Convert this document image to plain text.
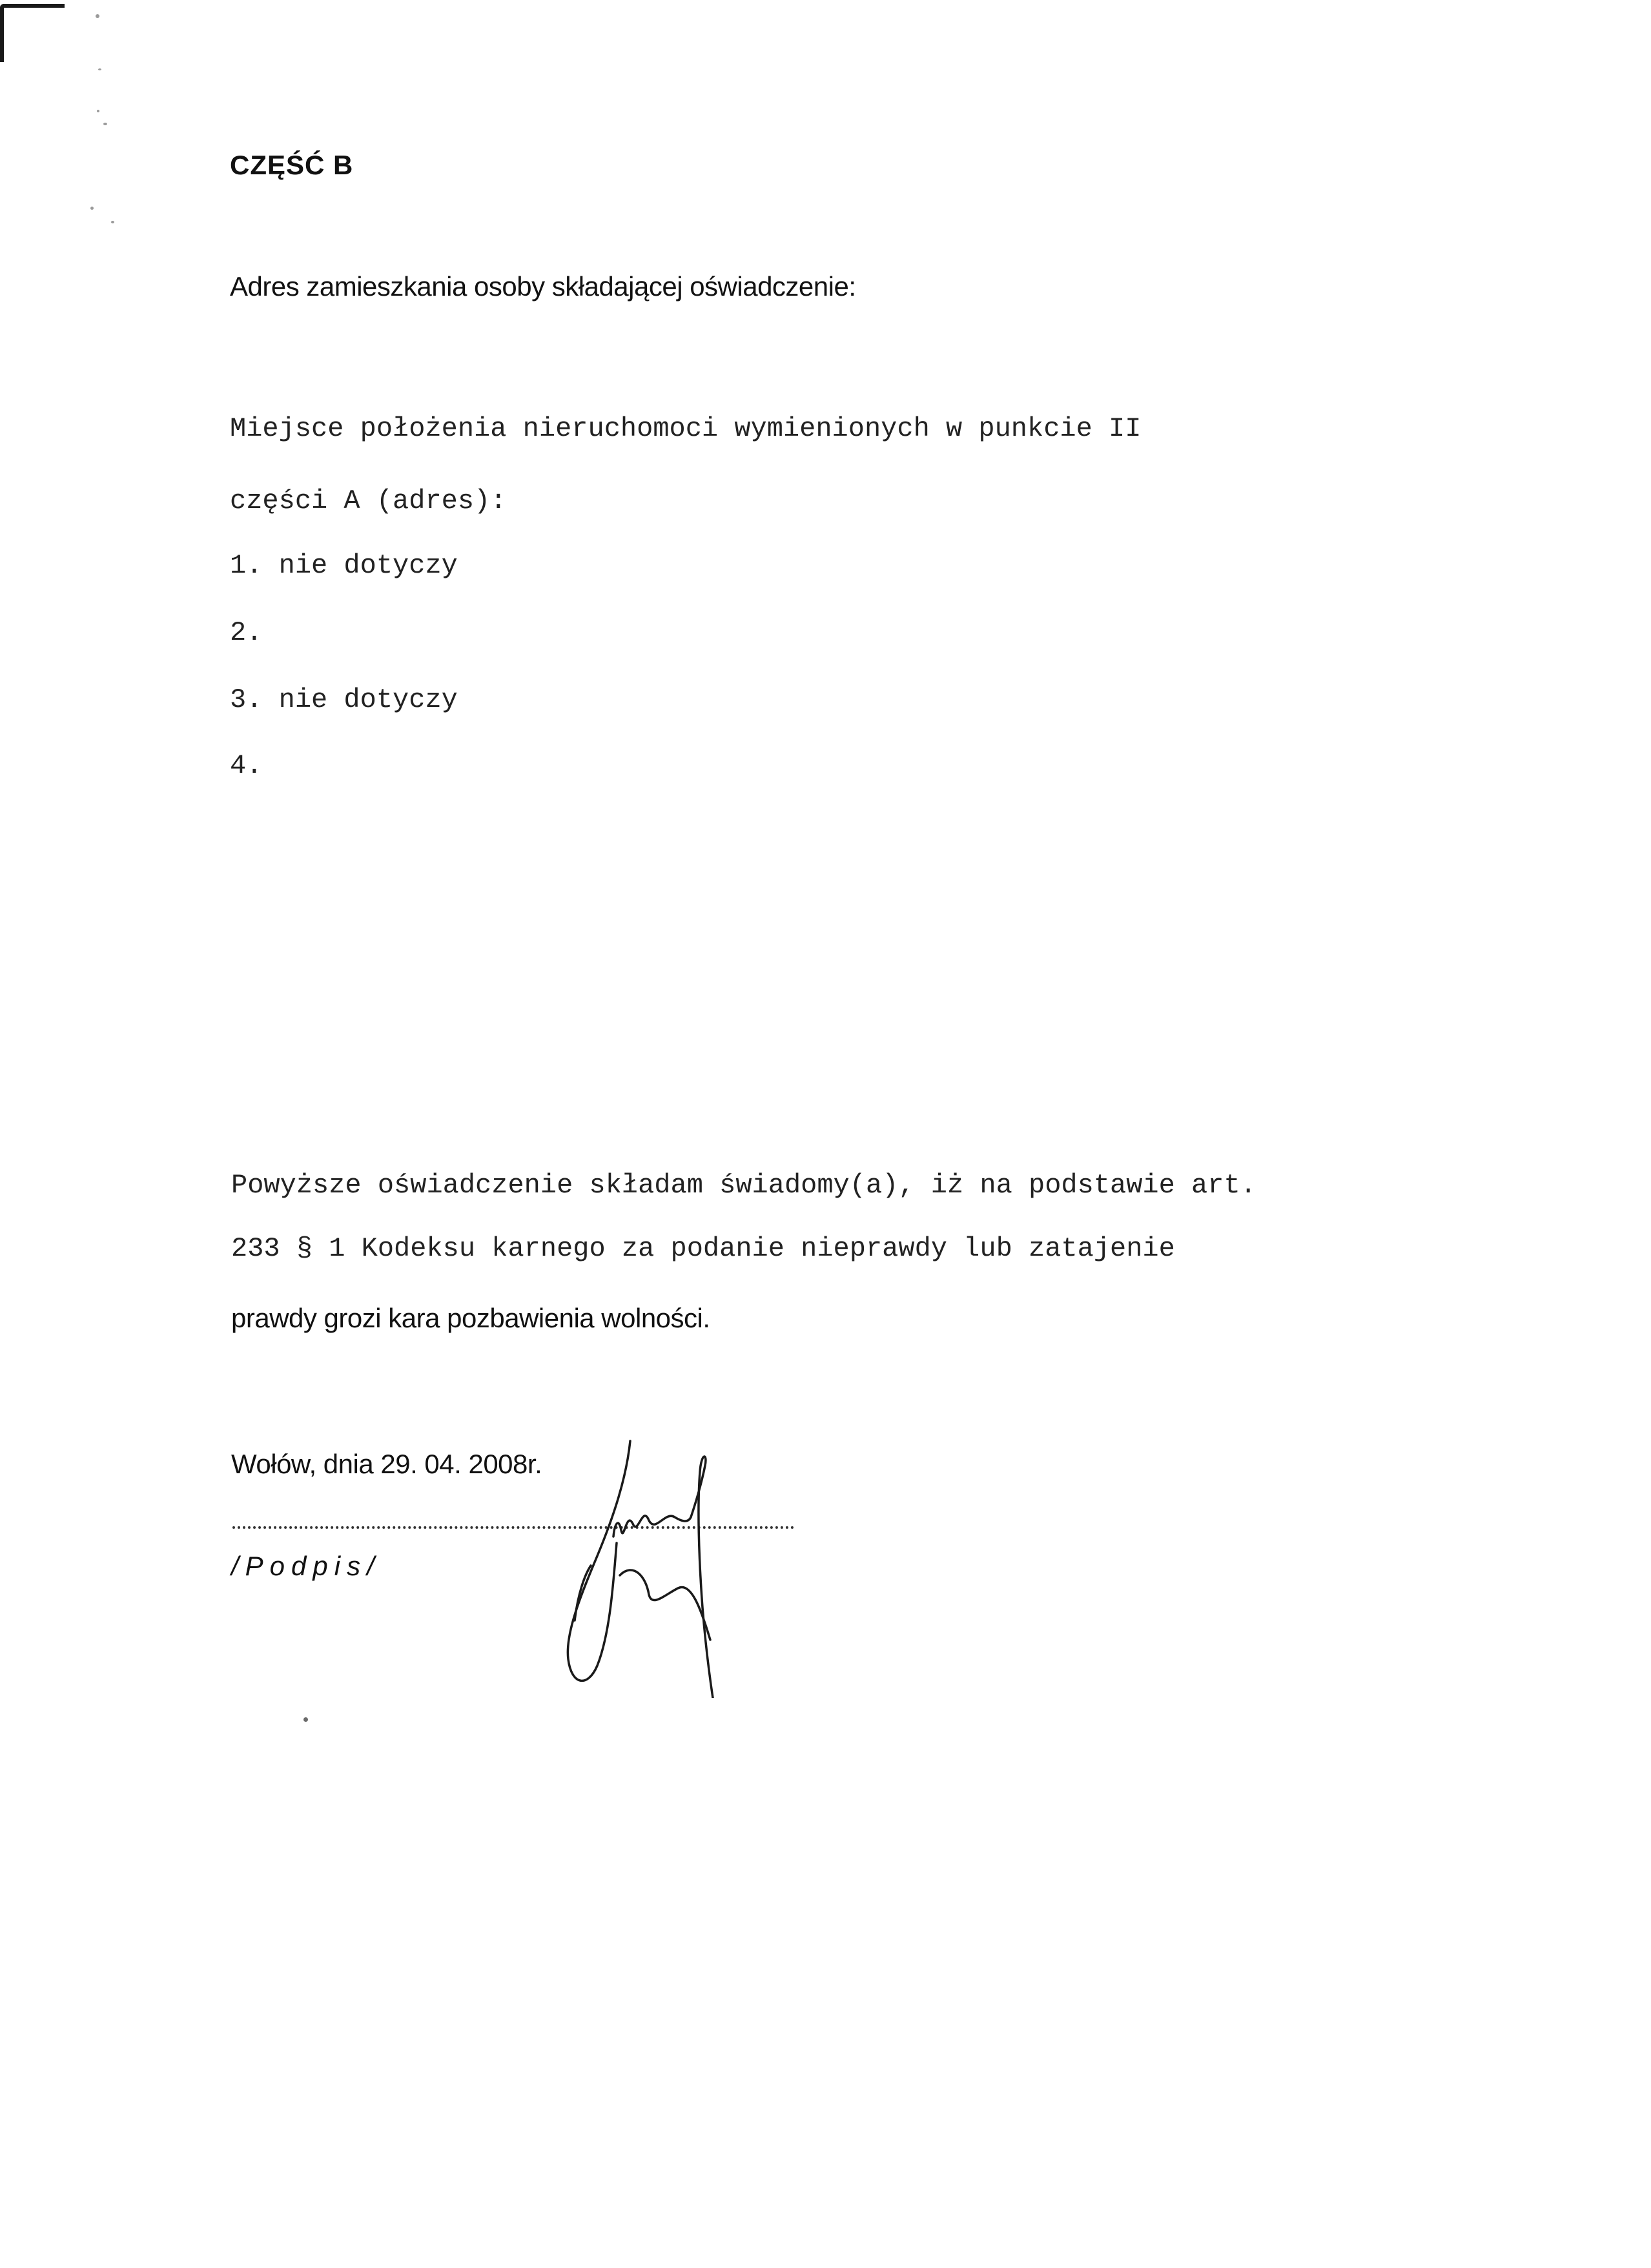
CZĘŚĆ B
Adres zamieszkania osoby składającej oświadczenie:
Miejsce położenia nieruchomoci wymienionych w punkcie II
części A (adres):
1. nie dotyczy
2.
3. nie dotyczy
4.
Powyższe oświadczenie składam świadomy(a), iż na podstawie art.
233 § 1 Kodeksu karnego za podanie nieprawdy lub zatajenie
prawdy grozi kara pozbawienia wolności.
Wołów, dnia 29. 04. 2008r.
/Podpis/
